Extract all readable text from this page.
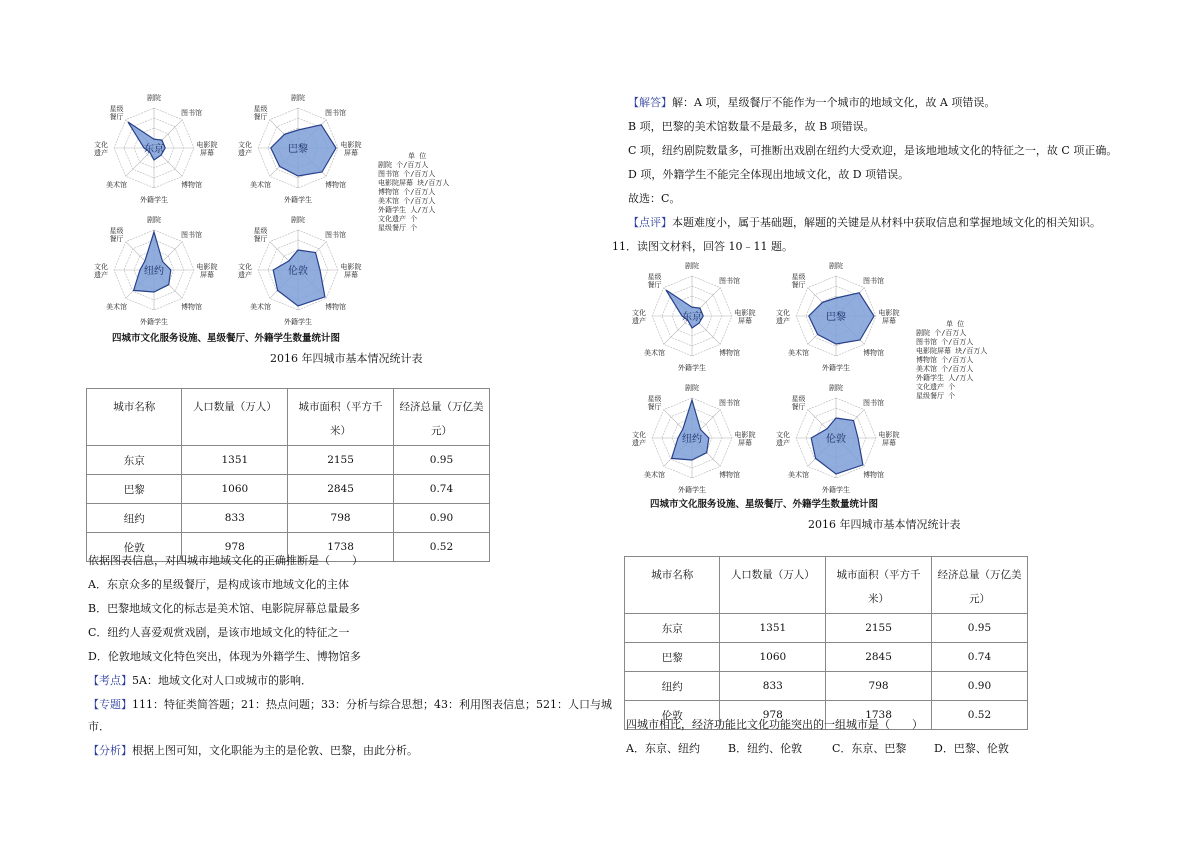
剧院
图书馆
电影院屏幕
博物馆
外籍学生
美术馆
文化遗产
星级餐厅
东京
剧院
图书馆
电影院屏幕
博物馆
外籍学生
美术馆
文化遗产
星级餐厅
巴黎
剧院
图书馆
电影院屏幕
博物馆
外籍学生
美术馆
文化遗产
星级餐厅
纽约
剧院
图书馆
电影院屏幕
博物馆
外籍学生
美术馆
文化遗产
星级餐厅
伦敦
单 位
剧院 个/百万人
图书馆 个/百万人
电影院屏幕 块/百万人
博物馆 个/百万人
美术馆 个/百万人
外籍学生 人/万人
文化遗产 个
星级餐厅 个
四城市文化服务设施、星级餐厅、外籍学生数量统计图
2016 年四城市基本情况统计表
城市名称	人口数量（万人）	城市面积（平方千
米）	经济总量（万亿美
元）
东京	1351	2155	0.95
巴黎	1060	2845	0.74
纽约	833	798	0.90
伦敦	978	1738	0.52
依据图表信息，对四城市地域文化的正确推断是（　　）
A．东京众多的星级餐厅，是构成该市地域文化的主体
B．巴黎地域文化的标志是美术馆、电影院屏幕总量最多
C．纽约人喜爱观赏戏剧，是该市地域文化的特征之一
D．伦敦地域文化特色突出，体现为外籍学生、博物馆多
【考点】5A：地域文化对人口或城市的影响．
【专题】111：特征类简答题；21：热点问题；33：分析与综合思想；43：利用图表信息；521：人口与城
市．
【分析】根据上图可知，文化职能为主的是伦敦、巴黎，由此分析。
【解答】解：A 项，星级餐厅不能作为一个城市的地域文化，故 A 项错误。
B 项，巴黎的美术馆数量不是最多，故 B 项错误。
C 项，纽约剧院数量多，可推断出戏剧在纽约大受欢迎，是该地地域文化的特征之一，故 C 项正确。
D 项，外籍学生不能完全体现出地域文化，故 D 项错误。
故选：C。
【点评】本题难度小，属于基础题，解题的关键是从材料中获取信息和掌握地域文化的相关知识。
11．读图文材料，回答 10﹣11 题。
剧院
图书馆
电影院屏幕
博物馆
外籍学生
美术馆
文化遗产
星级餐厅
东京
剧院
图书馆
电影院屏幕
博物馆
外籍学生
美术馆
文化遗产
星级餐厅
巴黎
剧院
图书馆
电影院屏幕
博物馆
外籍学生
美术馆
文化遗产
星级餐厅
纽约
剧院
图书馆
电影院屏幕
博物馆
外籍学生
美术馆
文化遗产
星级餐厅
伦敦
单 位
剧院 个/百万人
图书馆 个/百万人
电影院屏幕 块/百万人
博物馆 个/百万人
美术馆 个/百万人
外籍学生 人/万人
文化遗产 个
星级餐厅 个
四城市文化服务设施、星级餐厅、外籍学生数量统计图
2016 年四城市基本情况统计表
城市名称	人口数量（万人）	城市面积（平方千
米）	经济总量（万亿美
元）
东京	1351	2155	0.95
巴黎	1060	2845	0.74
纽约	833	798	0.90
伦敦	978	1738	0.52
四城市相比，经济功能比文化功能突出的一组城市是（　　）
A．东京、纽约	B．纽约、伦敦	C．东京、巴黎	D．巴黎、伦敦
